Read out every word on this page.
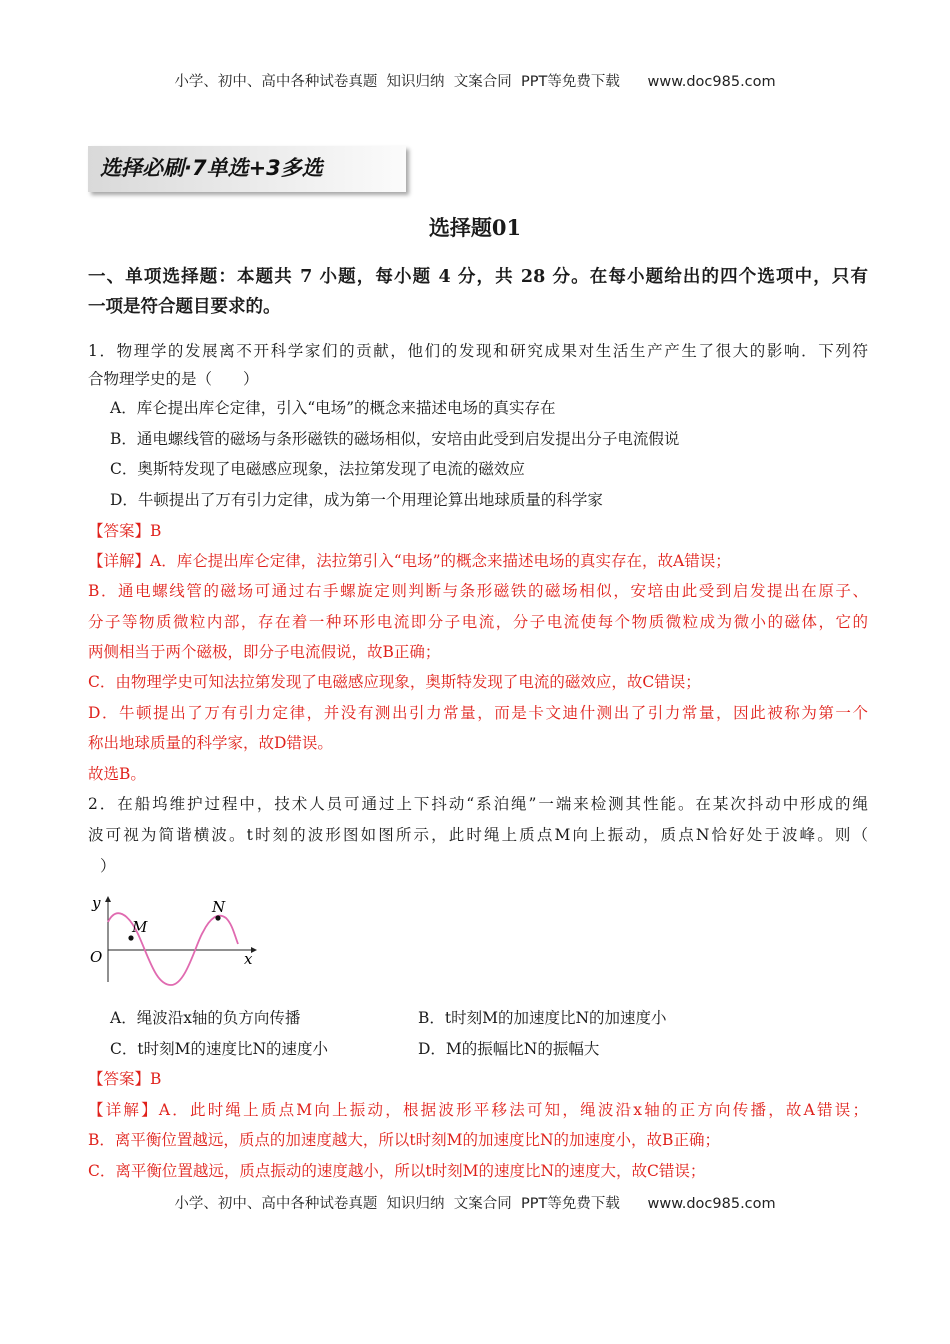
小学、初中、高中各种试卷真题  知识归纳  文案合同  PPT等免费下载      www.doc985.com
选择必刷·7单选+3多选
选择题01
一、单项选择题：本题共 7 小题，每小题 4 分，共 28 分。在每小题给出的四个选项中，只有
一项是符合题目要求的。
1．物理学的发展离不开科学家们的贡献，他们的发现和研究成果对生活生产产生了很大的影响．下列符
合物理学史的是（　　）
A．库仑提出库仑定律，引入“电场”的概念来描述电场的真实存在
B．通电螺线管的磁场与条形磁铁的磁场相似，安培由此受到启发提出分子电流假说
C．奥斯特发现了电磁感应现象，法拉第发现了电流的磁效应
D．牛顿提出了万有引力定律，成为第一个用理论算出地球质量的科学家
【答案】B
【详解】A．库仑提出库仑定律，法拉第引入“电场”的概念来描述电场的真实存在，故A错误；
B．通电螺线管的磁场可通过右手螺旋定则判断与条形磁铁的磁场相似，安培由此受到启发提出在原子、
分子等物质微粒内部，存在着一种环形电流即分子电流，分子电流使每个物质微粒成为微小的磁体，它的
两侧相当于两个磁极，即分子电流假说，故B正确；
C．由物理学史可知法拉第发现了电磁感应现象，奥斯特发现了电流的磁效应，故C错误；
D．牛顿提出了万有引力定律，并没有测出引力常量，而是卡文迪什测出了引力常量，因此被称为第一个
称出地球质量的科学家，故D错误。
故选B。
2．在船坞维护过程中，技术人员可通过上下抖动“系泊绳”一端来检测其性能。在某次抖动中形成的绳
波可视为简谐横波。t时刻的波形图如图所示，此时绳上质点M向上振动，质点N恰好处于波峰。则（
）
M
N
y
x
O
A．绳波沿x轴的负方向传播	B．t时刻M的加速度比N的加速度小
C．t时刻M的速度比N的速度小	D．M的振幅比N的振幅大
【答案】B
【详解】A．此时绳上质点M向上振动，根据波形平移法可知，绳波沿x轴的正方向传播，故A错误；
B．离平衡位置越远，质点的加速度越大，所以t时刻M的加速度比N的加速度小，故B正确；
C．离平衡位置越远，质点振动的速度越小，所以t时刻M的速度比N的速度大，故C错误；
小学、初中、高中各种试卷真题  知识归纳  文案合同  PPT等免费下载      www.doc985.com
